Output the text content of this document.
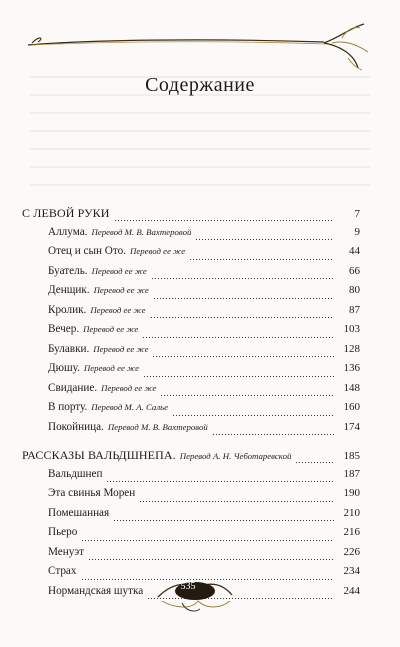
Содержание
С ЛЕВОЙ РУКИ	7
Аллума. Перевод М. В. Вахтеровой	9
Отец и сын Ото. Перевод ее же	44
Буатель. Перевод ее же	66
Денщик. Перевод ее же	80
Кролик. Перевод ее же	87
Вечер. Перевод ее же	103
Булавки. Перевод ее же	128
Дюшу. Перевод ее же	136
Свидание. Перевод ее же	148
В порту. Перевод М. А. Салье	160
Покойница. Перевод М. В. Вахтеровой	174
РАССКАЗЫ ВАЛЬДШНЕПА. Перевод А. Н. Чеботаревской	185
Вальдшнеп	187
Эта свинья Морен	190
Помешанная	210
Пьеро	216
Менуэт	226
Страх	234
Нормандская шутка	244
535
